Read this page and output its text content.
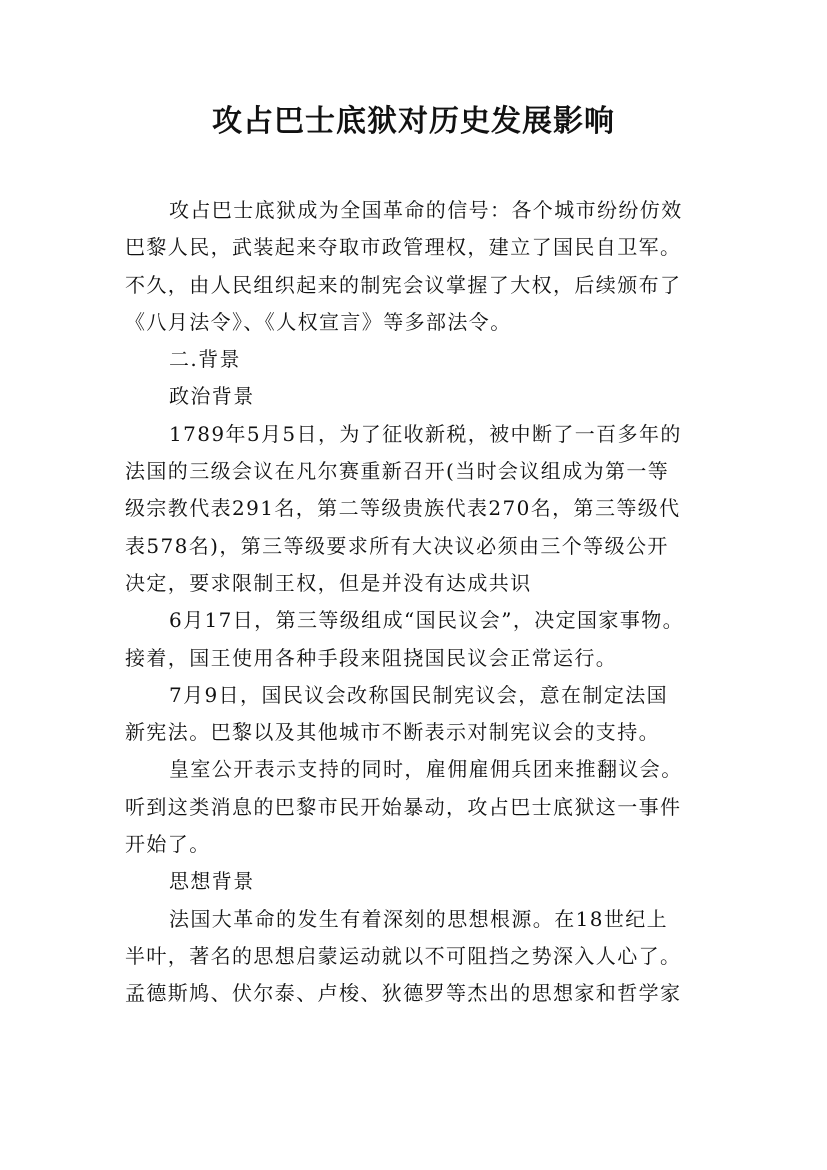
攻占巴士底狱对历史发展影响
攻占巴士底狱成为全国革命的信号：各个城市纷纷仿效
巴黎人民，武装起来夺取市政管理权，建立了国民自卫军。
不久，由人民组织起来的制宪会议掌握了大权，后续颁布了
《八月法令》、《人权宣言》等多部法令。
二.背景
政治背景
1789年5月5日，为了征收新税，被中断了一百多年的
法国的三级会议在凡尔赛重新召开(当时会议组成为第一等
级宗教代表291名，第二等级贵族代表270名，第三等级代
表578名)，第三等级要求所有大决议必须由三个等级公开
决定，要求限制王权，但是并没有达成共识
6月17日，第三等级组成“国民议会”，决定国家事物。
接着，国王使用各种手段来阻挠国民议会正常运行。
7月9日，国民议会改称国民制宪议会，意在制定法国
新宪法。巴黎以及其他城市不断表示对制宪议会的支持。
皇室公开表示支持的同时，雇佣雇佣兵团来推翻议会。
听到这类消息的巴黎市民开始暴动，攻占巴士底狱这一事件
开始了。
思想背景
法国大革命的发生有着深刻的思想根源。在18世纪上
半叶，著名的思想启蒙运动就以不可阻挡之势深入人心了。
孟德斯鸠、伏尔泰、卢梭、狄德罗等杰出的思想家和哲学家
